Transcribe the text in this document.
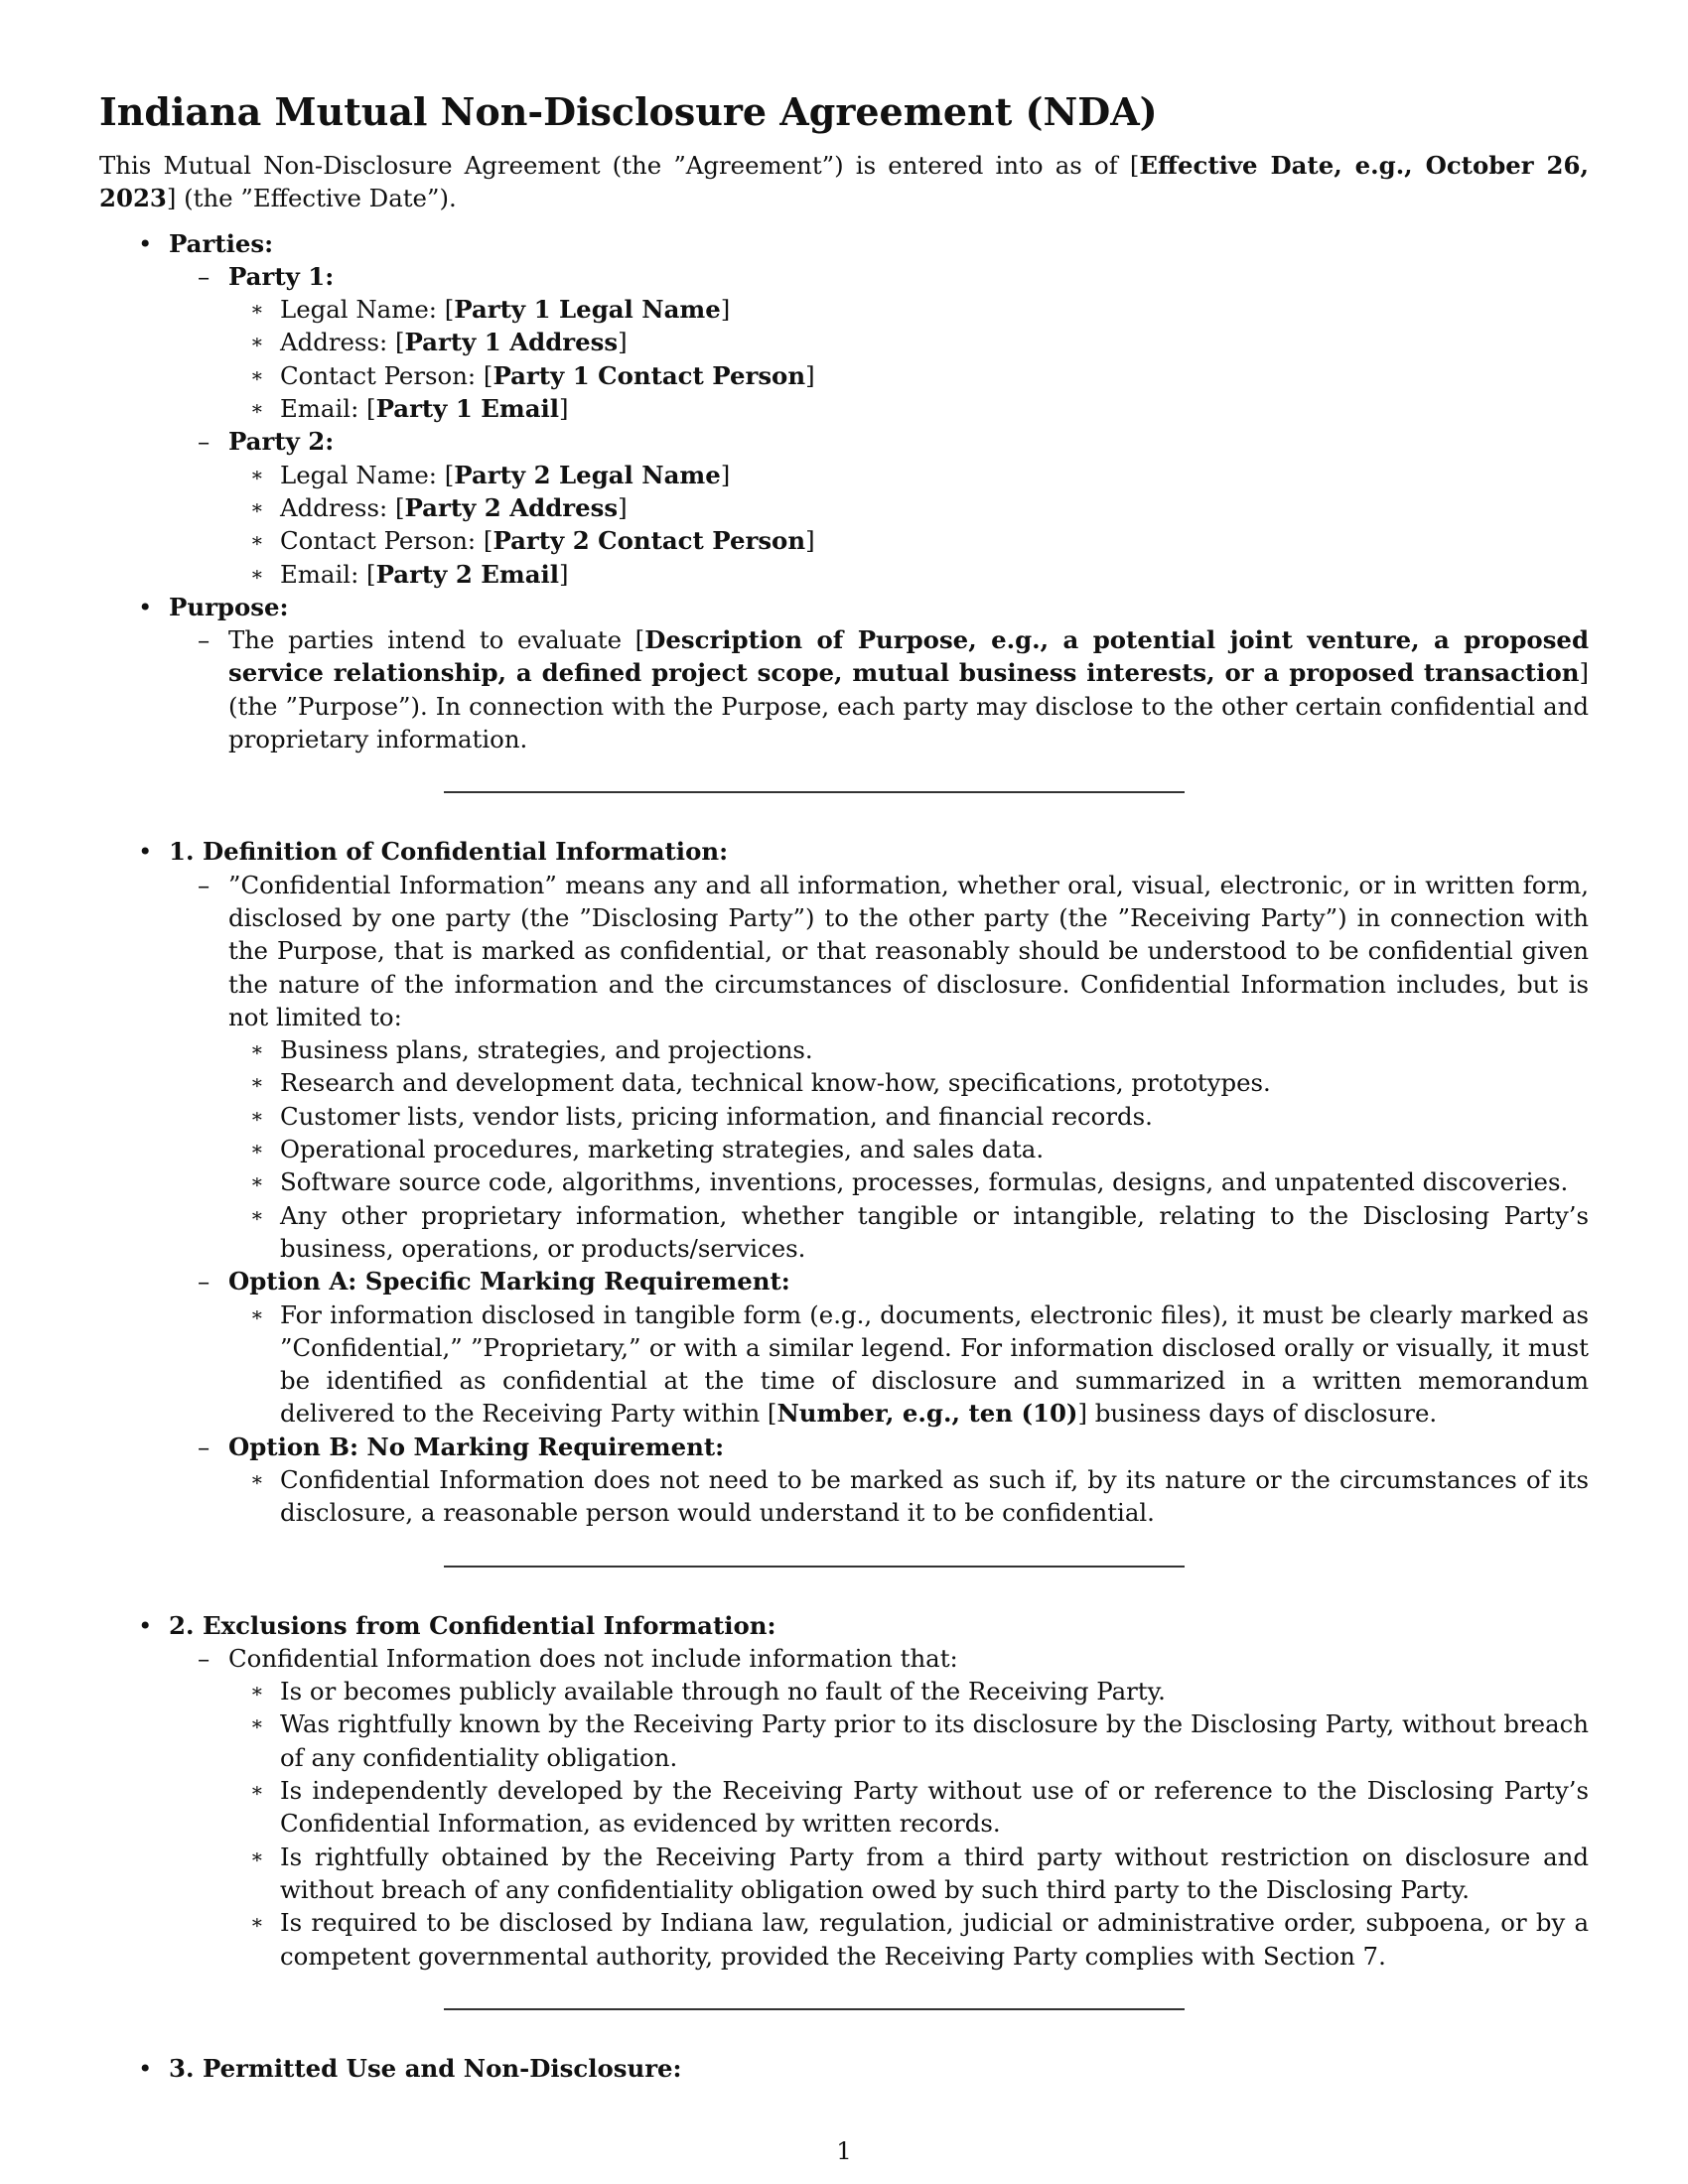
Indiana Mutual Non-Disclosure Agreement (NDA)

This Mutual Non-Disclosure Agreement (the ”Agreement”) is entered into as of [Effective Date, e.g., October 26, 2023] (the ”Effective Date”).

• Parties:
– Party 1:
∗ Legal Name: [Party 1 Legal Name]
∗ Address: [Party 1 Address]
∗ Contact Person: [Party 1 Contact Person]
∗ Email: [Party 1 Email]
– Party 2:
∗ Legal Name: [Party 2 Legal Name]
∗ Address: [Party 2 Address]
∗ Contact Person: [Party 2 Contact Person]
∗ Email: [Party 2 Email]
• Purpose:
– The parties intend to evaluate [Description of Purpose, e.g., a potential joint venture, a proposed service relationship, a defined project scope, mutual business interests, or a proposed transaction] (the ”Purpose”). In connection with the Purpose, each party may disclose to the other certain confidential and proprietary information.
• 1. Definition of Confidential Information:
– ”Confidential Information” means any and all information, whether oral, visual, electronic, or in written form, disclosed by one party (the ”Disclosing Party”) to the other party (the ”Receiving Party”) in connection with the Purpose, that is marked as confidential, or that reasonably should be understood to be confidential given the nature of the information and the circumstances of disclosure. Confidential Information includes, but is not limited to:
∗ Business plans, strategies, and projections.
∗ Research and development data, technical know-how, specifications, prototypes.
∗ Customer lists, vendor lists, pricing information, and financial records.
∗ Operational procedures, marketing strategies, and sales data.
∗ Software source code, algorithms, inventions, processes, formulas, designs, and unpatented discoveries.
∗ Any other proprietary information, whether tangible or intangible, relating to the Disclosing Party’s business, operations, or products/services.
– Option A: Specific Marking Requirement:
∗ For information disclosed in tangible form (e.g., documents, electronic files), it must be clearly marked as ”Confidential,” ”Proprietary,” or with a similar legend. For information disclosed orally or visually, it must be identified as confidential at the time of disclosure and summarized in a written memorandum delivered to the Receiving Party within [Number, e.g., ten (10)] business days of disclosure.
– Option B: No Marking Requirement:
∗ Confidential Information does not need to be marked as such if, by its nature or the circumstances of its disclosure, a reasonable person would understand it to be confidential.
• 2. Exclusions from Confidential Information:
– Confidential Information does not include information that:
∗ Is or becomes publicly available through no fault of the Receiving Party.
∗ Was rightfully known by the Receiving Party prior to its disclosure by the Disclosing Party, without breach of any confidentiality obligation.
∗ Is independently developed by the Receiving Party without use of or reference to the Disclosing Party’s Confidential Information, as evidenced by written records.
∗ Is rightfully obtained by the Receiving Party from a third party without restriction on disclosure and without breach of any confidentiality obligation owed by such third party to the Disclosing Party.
∗ Is required to be disclosed by Indiana law, regulation, judicial or administrative order, subpoena, or by a competent governmental authority, provided the Receiving Party complies with Section 7.
• 3. Permitted Use and Non-Disclosure:
1
